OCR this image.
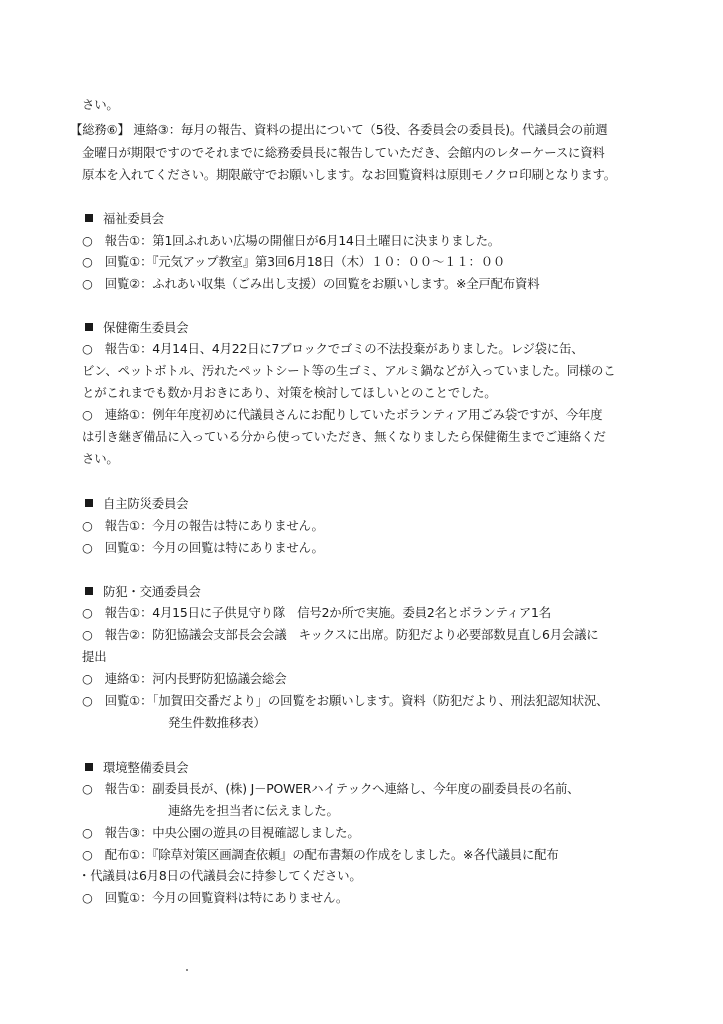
さい。
【総務⑥】 連絡③：毎月の報告、資料の提出について（5役、各委員会の委員長)。代議員会の前週
金曜日が期限ですのでそれまでに総務委員長に報告していただき、会館内のレターケースに資料
原本を入れてください。期限厳守でお願いします。なお回覧資料は原則モノクロ印刷となります。
福祉委員会
○　報告①：第1回ふれあい広場の開催日が6月14日土曜日に決まりました。
○　回覧①：『元気アップ教室』第3回6月18日（木）１０：００～１１：００
○　回覧②：ふれあい収集（ごみ出し支援）の回覧をお願いします。※全戸配布資料
保健衛生委員会
○　報告①：4月14日、4月22日に7ブロックでゴミの不法投棄がありました。レジ袋に缶、
ビン、ペットボトル、汚れたペットシート等の生ゴミ、アルミ鍋などが入っていました。同様のこ
とがこれまでも数か月おきにあり、対策を検討してほしいとのことでした。
○　連絡①：例年年度初めに代議員さんにお配りしていたボランティア用ごみ袋ですが、今年度
は引き継ぎ備品に入っている分から使っていただき、無くなりましたら保健衛生までご連絡くだ
さい。
自主防災委員会
○　報告①：今月の報告は特にありません。
○　回覧①：今月の回覧は特にありません。
防犯・交通委員会
○　報告①：4月15日に子供見守り隊　信号2か所で実施。委員2名とボランティア1名
○　報告②：防犯協議会支部長会会議　キックスに出席。防犯だより必要部数見直し6月会議に
提出
○　連絡①：河内長野防犯協議会総会
○　回覧①：「加賀田交番だより」の回覧をお願いします。資料（防犯だより、刑法犯認知状況、
発生件数推移表）
環境整備委員会
○　報告①：副委員長が、(株) J－POWERハイテックへ連絡し、今年度の副委員長の名前、
連絡先を担当者に伝えました。
○　報告③：中央公園の遊具の目視確認しました。
○　配布①：『除草対策区画調査依頼』の配布書類の作成をしました。※各代議員に配布
・代議員は6月8日の代議員会に持参してください。
○　回覧①：今月の回覧資料は特にありません。
